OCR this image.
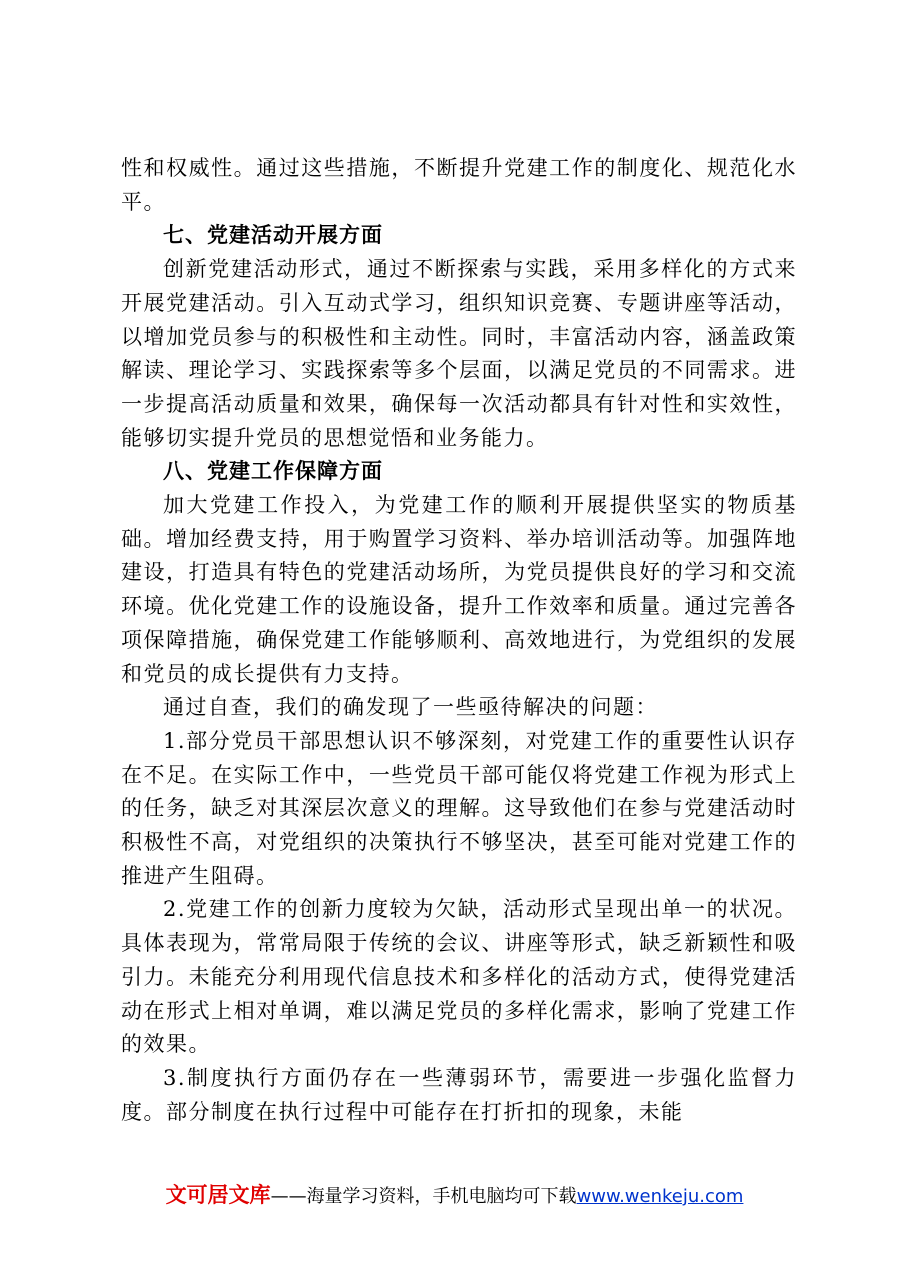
性和权威性。通过这些措施，不断提升党建工作的制度化、规范化水平。

七、党建活动开展方面

创新党建活动形式，通过不断探索与实践，采用多样化的方式来开展党建活动。引入互动式学习，组织知识竞赛、专题讲座等活动，以增加党员参与的积极性和主动性。同时，丰富活动内容，涵盖政策解读、理论学习、实践探索等多个层面，以满足党员的不同需求。进一步提高活动质量和效果，确保每一次活动都具有针对性和实效性，能够切实提升党员的思想觉悟和业务能力。

八、党建工作保障方面

加大党建工作投入，为党建工作的顺利开展提供坚实的物质基础。增加经费支持，用于购置学习资料、举办培训活动等。加强阵地建设，打造具有特色的党建活动场所，为党员提供良好的学习和交流环境。优化党建工作的设施设备，提升工作效率和质量。通过完善各项保障措施，确保党建工作能够顺利、高效地进行，为党组织的发展和党员的成长提供有力支持。

通过自查，我们的确发现了一些亟待解决的问题：

1.部分党员干部思想认识不够深刻，对党建工作的重要性认识存在不足。在实际工作中，一些党员干部可能仅将党建工作视为形式上的任务，缺乏对其深层次意义的理解。这导致他们在参与党建活动时积极性不高，对党组织的决策执行不够坚决，甚至可能对党建工作的推进产生阻碍。

2.党建工作的创新力度较为欠缺，活动形式呈现出单一的状况。具体表现为，常常局限于传统的会议、讲座等形式，缺乏新颖性和吸引力。未能充分利用现代信息技术和多样化的活动方式，使得党建活动在形式上相对单调，难以满足党员的多样化需求，影响了党建工作的效果。

3.制度执行方面仍存在一些薄弱环节，需要进一步强化监督力度。部分制度在执行过程中可能存在打折扣的现象，未能

文可居文库——海量学习资料，手机电脑均可下载www.wenkeju.com
